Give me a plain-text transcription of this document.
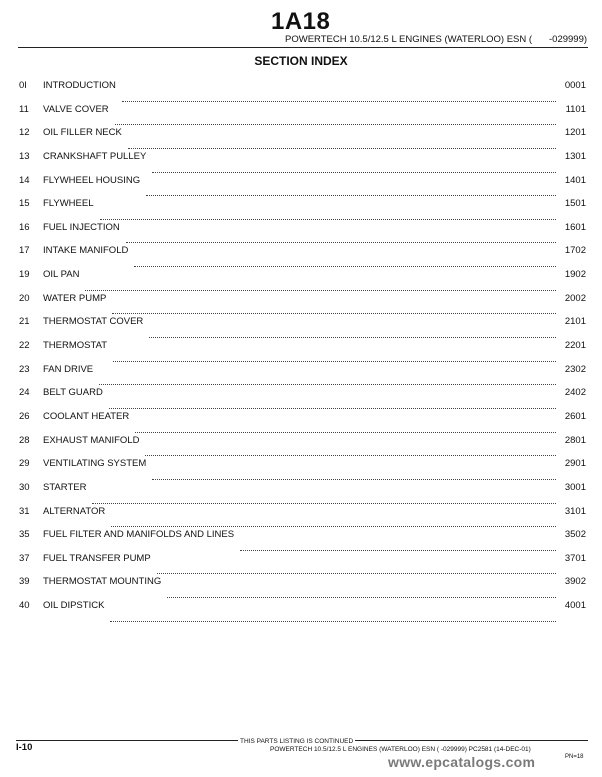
1A18
POWERTECH 10.5/12.5 L ENGINES (WATERLOO) ESN ( -029999)
SECTION INDEX
0I	INTRODUCTION	0001
11	VALVE COVER	1101
12	OIL FILLER NECK	1201
13	CRANKSHAFT PULLEY	1301
14	FLYWHEEL HOUSING	1401
15	FLYWHEEL	1501
16	FUEL INJECTION	1601
17	INTAKE MANIFOLD	1702
19	OIL PAN	1902
20	WATER PUMP	2002
21	THERMOSTAT COVER	2101
22	THERMOSTAT	2201
23	FAN DRIVE	2302
24	BELT GUARD	2402
26	COOLANT HEATER	2601
28	EXHAUST MANIFOLD	2801
29	VENTILATING SYSTEM	2901
30	STARTER	3001
31	ALTERNATOR	3101
35	FUEL FILTER AND MANIFOLDS AND LINES	3502
37	FUEL TRANSFER PUMP	3701
39	THERMOSTAT MOUNTING	3902
40	OIL DIPSTICK	4001
I-10
THIS PARTS LISTING IS CONTINUED
POWERTECH 10.5/12.5 L ENGINES (WATERLOO) ESN ( -029999) PC2581 (14-DEC-01)
PN=18
www.epcatalogs.com
